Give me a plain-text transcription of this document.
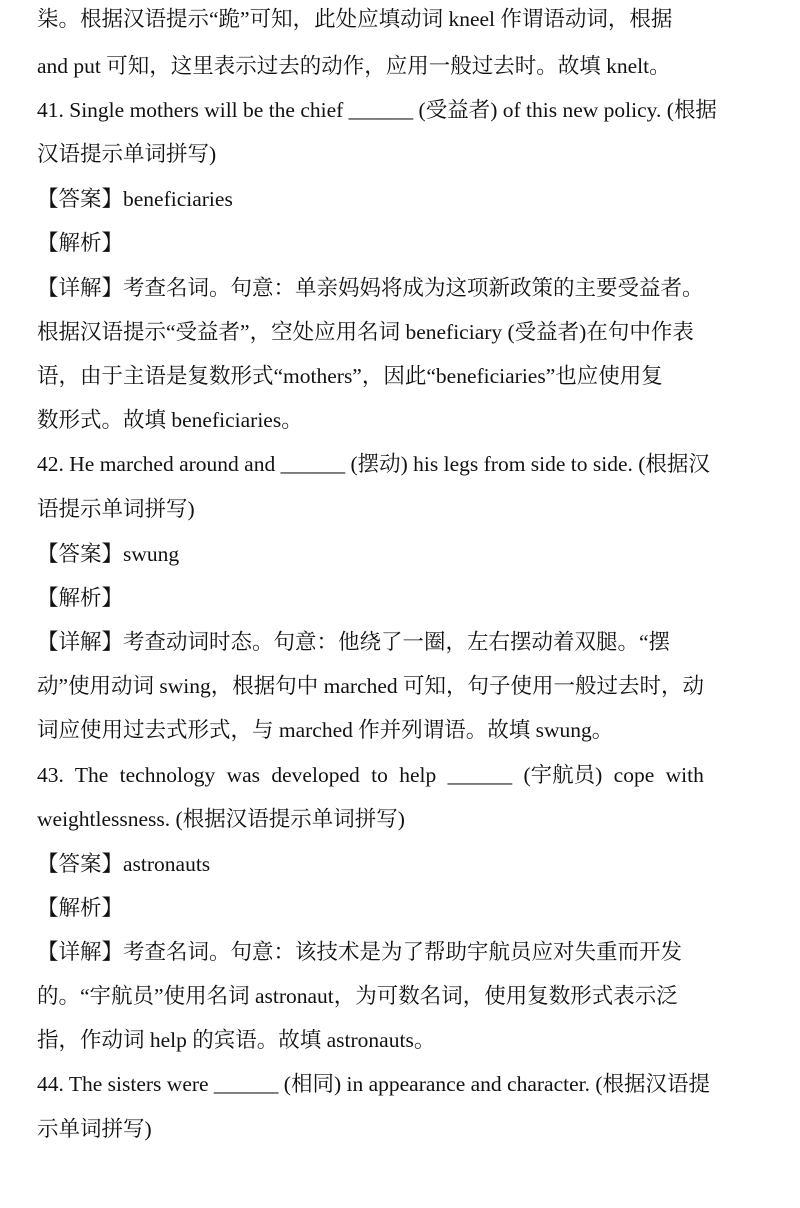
柒。根据汉语提示“跪”可知，此处应填动词 kneel 作谓语动词，根据
and put 可知，这里表示过去的动作，应用一般过去时。故填 knelt。
41. Single mothers will be the chief ______ (受益者) of this new policy. (根据
汉语提示单词拼写)
【答案】beneficiaries
【解析】
【详解】考查名词。句意：单亲妈妈将成为这项新政策的主要受益者。
根据汉语提示“受益者”，空处应用名词 beneficiary (受益者)在句中作表
语，由于主语是复数形式“mothers”，因此“beneficiaries”也应使用复
数形式。故填 beneficiaries。
42. He marched around and ______ (摆动) his legs from side to side. (根据汉
语提示单词拼写)
【答案】swung
【解析】
【详解】考查动词时态。句意：他绕了一圈，左右摆动着双腿。“摆
动”使用动词 swing，根据句中 marched 可知，句子使用一般过去时，动
词应使用过去式形式，与 marched 作并列谓语。故填 swung。
43. The technology was developed to help ______ (宇航员) cope with
weightlessness. (根据汉语提示单词拼写)
【答案】astronauts
【解析】
【详解】考查名词。句意：该技术是为了帮助宇航员应对失重而开发
的。“宇航员”使用名词 astronaut，为可数名词，使用复数形式表示泛
指，作动词 help 的宾语。故填 astronauts。
44. The sisters were ______ (相同) in appearance and character. (根据汉语提
示单词拼写)
